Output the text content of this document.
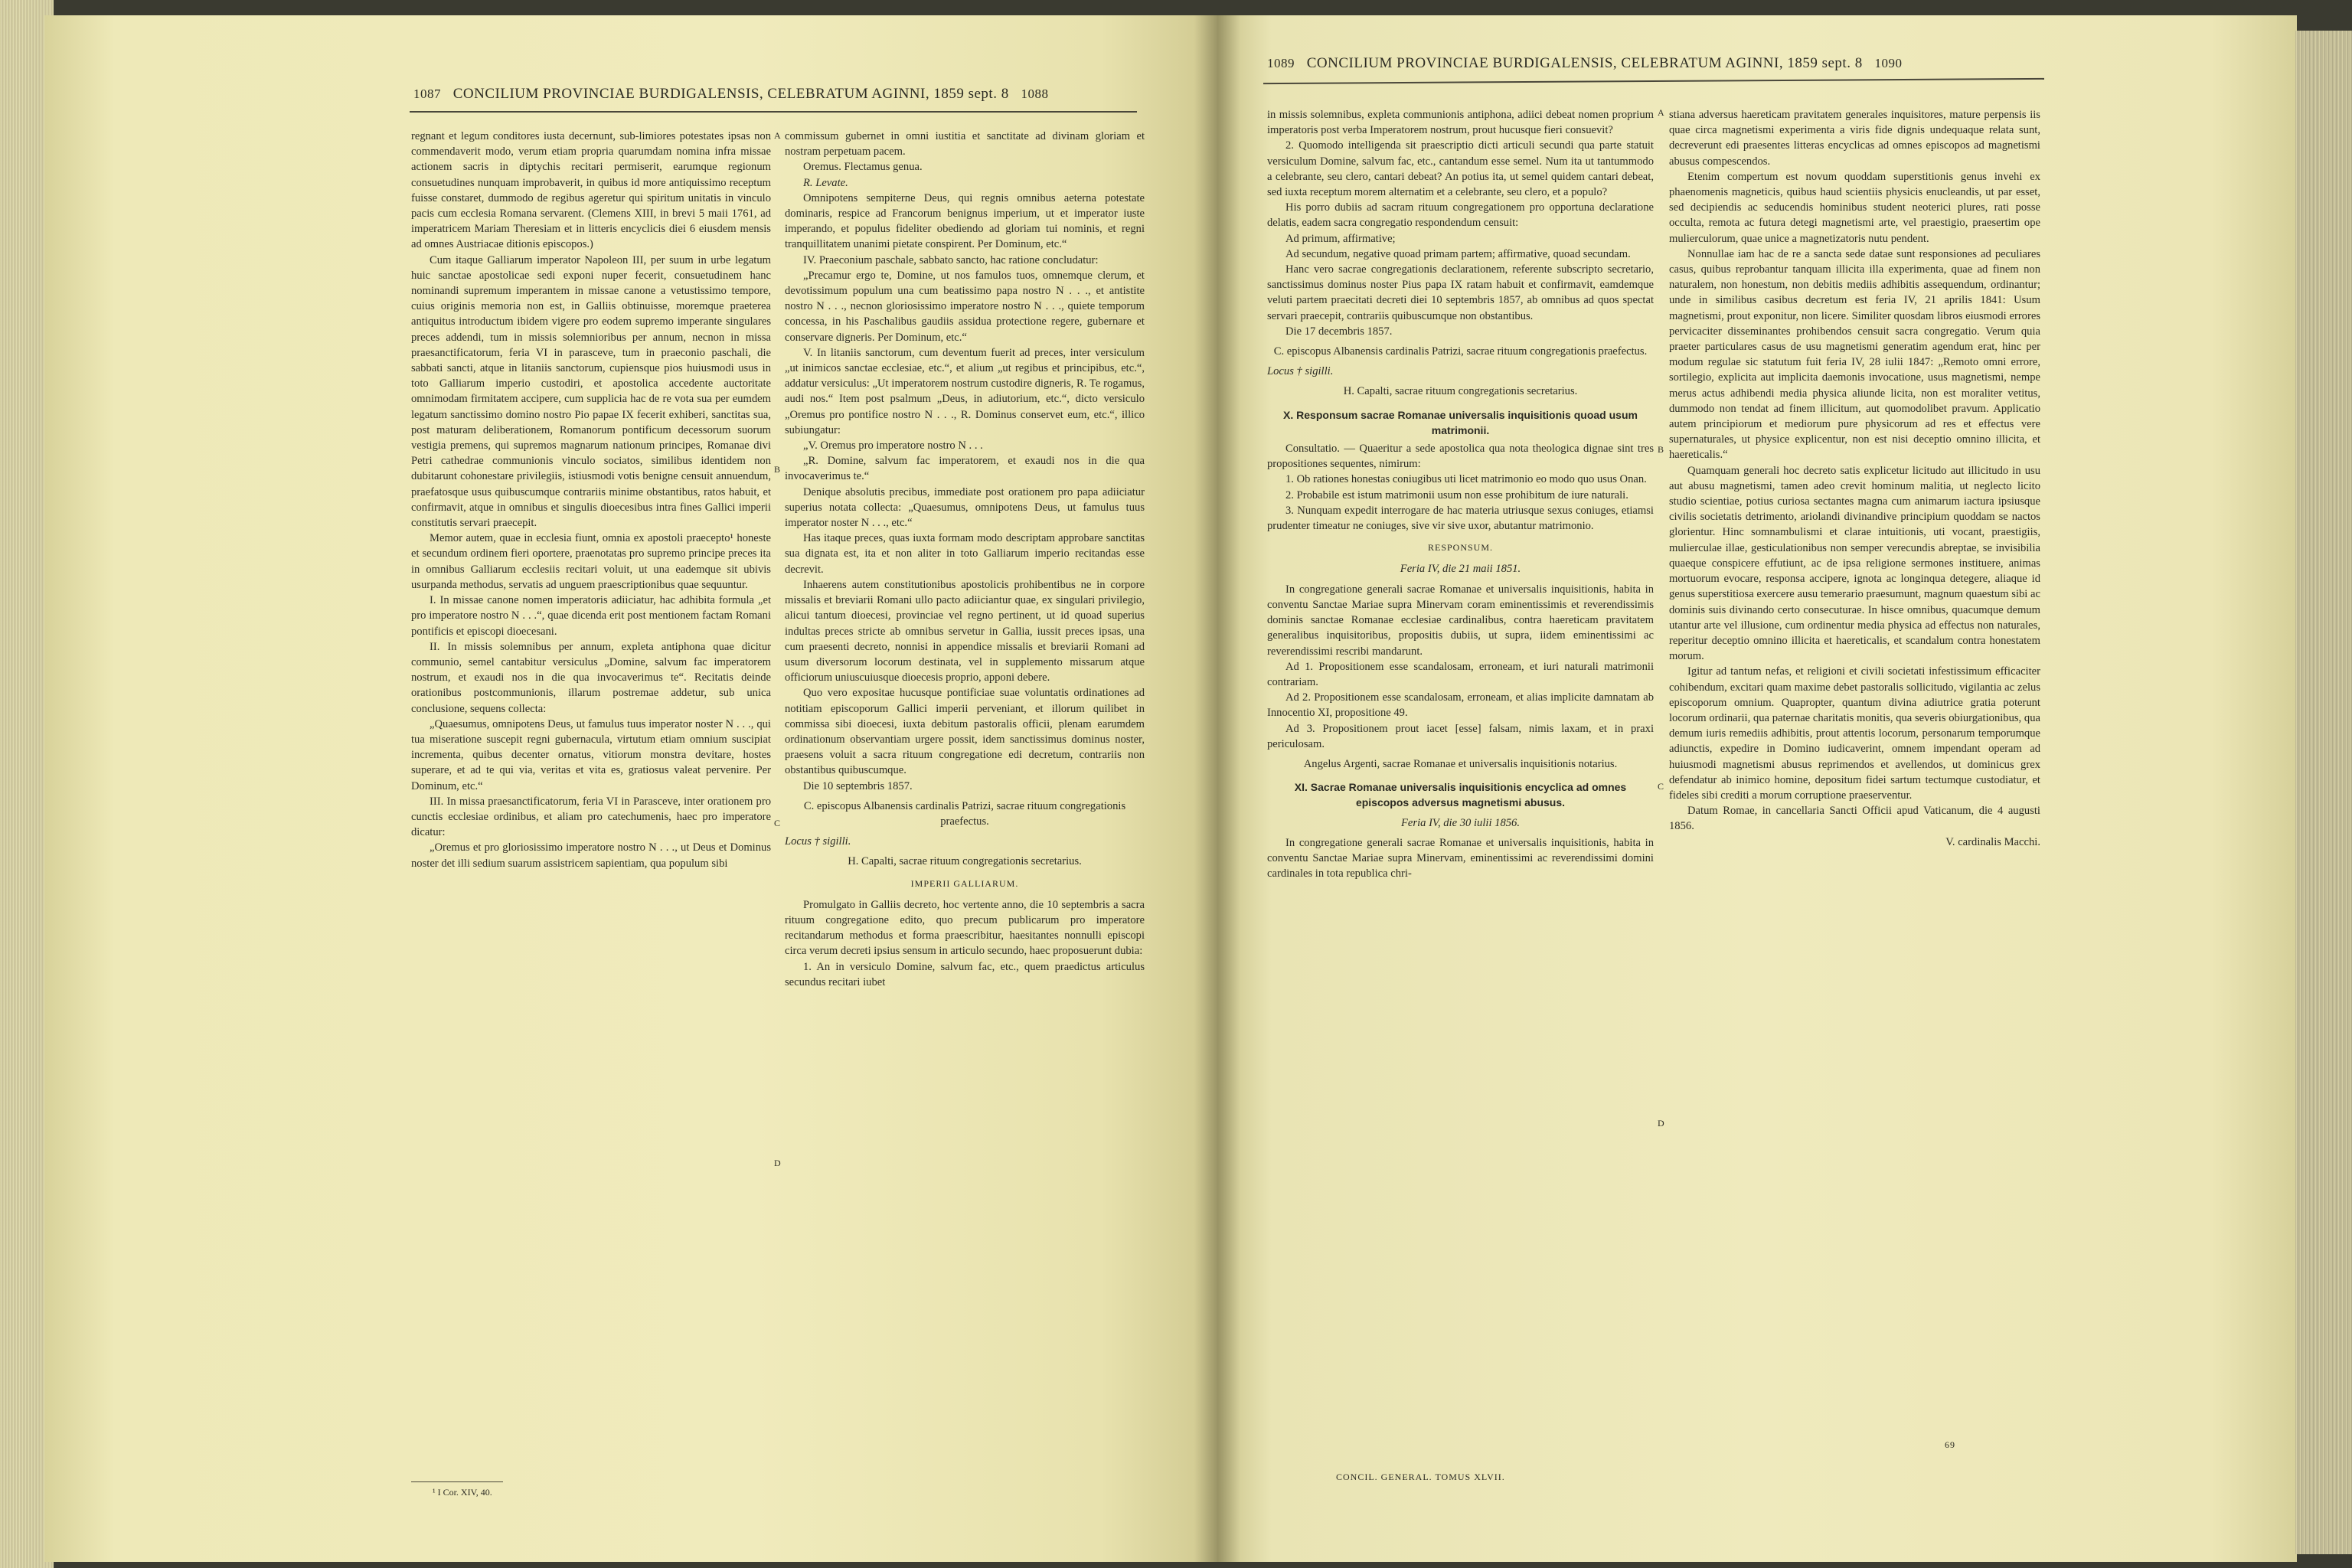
1087 CONCILIUM PROVINCIAE BURDIGALENSIS, CELEBRATUM AGINNI, 1859 sept. 8 1088

regnant et legum conditores iusta decernunt, sub-limiores potestates ipsas non commendaverit modo, verum etiam propria quarumdam nomina infra missae actionem sacris in diptychis recitari permiserit, earumque regionum consuetudines nunquam improbaverit, in quibus id more antiquissimo receptum fuisse constaret, dummodo de regibus ageretur qui spiritum unitatis in vinculo pacis cum ecclesia Romana servarent. (Clemens XIII, in brevi 5 maii 1761, ad imperatricem Mariam Theresiam et in litteris encyclicis diei 6 eiusdem mensis ad omnes Austriacae ditionis episcopos.)

Cum itaque Galliarum imperator Napoleon III, per suum in urbe legatum huic sanctae apostolicae sedi exponi nuper fecerit, consuetudinem hanc nominandi supremum imperantem in missae canone a vetustissimo tempore, cuius originis memoria non est, in Galliis obtinuisse, moremque praeterea antiquitus introductum ibidem vigere pro eodem supremo imperante singulares preces addendi, tum in missis solemnioribus per annum, necnon in missa praesanctificatorum, feria VI in parasceve, tum in praeconio paschali, die sabbati sancti, atque in litaniis sanctorum, cupiensque pios huiusmodi usus in toto Galliarum imperio custodiri, et apostolica accedente auctoritate omnimodam firmitatem accipere, cum supplicia hac de re vota sua per eumdem legatum sanctissimo domino nostro Pio papae IX fecerit exhiberi, sanctitas sua, post maturam deliberationem, Romanorum pontificum decessorum suorum vestigia premens, qui supremos magnarum nationum principes, Romanae divi Petri cathedrae communionis vinculo sociatos, similibus identidem non dubitarunt cohonestare privilegiis, istiusmodi votis benigne censuit annuendum, praefatosque usus quibuscumque contrariis minime obstantibus, ratos habuit, et confirmavit, atque in omnibus et singulis dioecesibus intra fines Gallici imperii constitutis servari praecepit.

Memor autem, quae in ecclesia fiunt, omnia ex apostoli praecepto¹ honeste et secundum ordinem fieri oportere, praenotatas pro supremo principe preces ita in omnibus Galliarum ecclesiis recitari voluit, ut una eademque sit ubivis usurpanda methodus, servatis ad unguem praescriptionibus quae sequuntur.

I. In missae canone nomen imperatoris adiiciatur, hac adhibita formula „et pro imperatore nostro N . . .“, quae dicenda erit post mentionem factam Romani pontificis et episcopi dioecesani.

II. In missis solemnibus per annum, expleta antiphona quae dicitur communio, semel cantabitur versiculus „Domine, salvum fac imperatorem nostrum, et exaudi nos in die qua invocaverimus te“. Recitatis deinde orationibus postcommunionis, illarum postremae addetur, sub unica conclusione, sequens collecta:

„Quaesumus, omnipotens Deus, ut famulus tuus imperator noster N . . ., qui tua miseratione suscepit regni gubernacula, virtutum etiam omnium suscipiat incrementa, quibus decenter ornatus, vitiorum monstra devitare, hostes superare, et ad te qui via, veritas et vita es, gratiosus valeat pervenire. Per Dominum, etc.“

III. In missa praesanctificatorum, feria VI in Parasceve, inter orationem pro cunctis ecclesiae ordinibus, et aliam pro catechumenis, haec pro imperatore dicatur:

„Oremus et pro gloriosissimo imperatore nostro N . . ., ut Deus et Dominus noster det illi sedium suarum assistricem sapientiam, qua populum sibi

¹ I Cor. XIV, 40.

commissum gubernet in omni iustitia et sanctitate ad divinam gloriam et nostram perpetuam pacem.

Oremus. Flectamus genua.

R. Levate.

Omnipotens sempiterne Deus, qui regnis omnibus aeterna potestate dominaris, respice ad Francorum benignus imperium, ut et imperator iuste imperando, et populus fideliter obediendo ad gloriam tui nominis, et regni tranquillitatem unanimi pietate conspirent. Per Dominum, etc.“

IV. Praeconium paschale, sabbato sancto, hac ratione concludatur:

„Precamur ergo te, Domine, ut nos famulos tuos, omnemque clerum, et devotissimum populum una cum beatissimo papa nostro N . . ., et antistite nostro N . . ., necnon gloriosissimo imperatore nostro N . . ., quiete temporum concessa, in his Paschalibus gaudiis assidua protectione regere, gubernare et conservare digneris. Per Dominum, etc.“

V. In litaniis sanctorum, cum deventum fuerit ad preces, inter versiculum „ut inimicos sanctae ecclesiae, etc.“, et alium „ut regibus et principibus, etc.“, addatur versiculus: „Ut imperatorem nostrum custodire digneris, R. Te rogamus, audi nos.“ Item post psalmum „Deus, in adiutorium, etc.“, dicto versiculo „Oremus pro pontifice nostro N . . ., R. Dominus conservet eum, etc.“, illico subiungatur:

„V. Oremus pro imperatore nostro N . . .

„R. Domine, salvum fac imperatorem, et exaudi nos in die qua invocaverimus te.“

Denique absolutis precibus, immediate post orationem pro papa adiiciatur superius notata collecta: „Quaesumus, omnipotens Deus, ut famulus tuus imperator noster N . . ., etc.“

Has itaque preces, quas iuxta formam modo descriptam approbare sanctitas sua dignata est, ita et non aliter in toto Galliarum imperio recitandas esse decrevit.

Inhaerens autem constitutionibus apostolicis prohibentibus ne in corpore missalis et breviarii Romani ullo pacto adiiciantur quae, ex singulari privilegio, alicui tantum dioecesi, provinciae vel regno pertinent, ut id quoad superius indultas preces stricte ab omnibus servetur in Gallia, iussit preces ipsas, una cum praesenti decreto, nonnisi in appendice missalis et breviarii Romani ad usum diversorum locorum destinata, vel in supplemento missarum atque officiorum uniuscuiusque dioecesis proprio, apponi debere.

Quo vero expositae hucusque pontificiae suae voluntatis ordinationes ad notitiam episcoporum Gallici imperii perveniant, et illorum quilibet in commissa sibi dioecesi, iuxta debitum pastoralis officii, plenam earumdem ordinationum observantiam urgere possit, idem sanctissimus dominus noster, praesens voluit a sacra rituum congregatione edi decretum, contrariis non obstantibus quibuscumque.

Die 10 septembris 1857.

C. episcopus Albanensis cardinalis Patrizi, sacrae rituum congregationis praefectus.

Locus † sigilli.

H. Capalti, sacrae rituum congregationis secretarius.

IMPERII GALLIARUM.

Promulgato in Galliis decreto, hoc vertente anno, die 10 septembris a sacra rituum congregatione edito, quo precum publicarum pro imperatore recitandarum methodus et forma praescribitur, haesitantes nonnulli episcopi circa verum decreti ipsius sensum in articulo secundo, haec proposuerunt dubia:

1. An in versiculo Domine, salvum fac, etc., quem praedictus articulus secundus recitari iubet

1089 CONCILIUM PROVINCIAE BURDIGALENSIS, CELEBRATUM AGINNI, 1859 sept. 8 1090

in missis solemnibus, expleta communionis antiphona, adiici debeat nomen proprium imperatoris post verba Imperatorem nostrum, prout hucusque fieri consuevit?

2. Quomodo intelligenda sit praescriptio dicti articuli secundi qua parte statuit versiculum Domine, salvum fac, etc., cantandum esse semel. Num ita ut tantummodo a celebrante, seu clero, cantari debeat? An potius ita, ut semel quidem cantari debeat, sed iuxta receptum morem alternatim et a celebrante, seu clero, et a populo?

His porro dubiis ad sacram rituum congregationem pro opportuna declaratione delatis, eadem sacra congregatio respondendum censuit:

Ad primum, affirmative;

Ad secundum, negative quoad primam partem; affirmative, quoad secundam.

Hanc vero sacrae congregationis declarationem, referente subscripto secretario, sanctissimus dominus noster Pius papa IX ratam habuit et confirmavit, eamdemque veluti partem praecitati decreti diei 10 septembris 1857, ab omnibus ad quos spectat servari praecepit, contrariis quibuscumque non obstantibus.

Die 17 decembris 1857.

C. episcopus Albanensis cardinalis Patrizi, sacrae rituum congregationis praefectus.

Locus † sigilli.

H. Capalti, sacrae rituum congregationis secretarius.

X. Responsum sacrae Romanae universalis inquisitionis quoad usum matrimonii.

Consultatio. — Quaeritur a sede apostolica qua nota theologica dignae sint tres propositiones sequentes, nimirum:

1. Ob rationes honestas coniugibus uti licet matrimonio eo modo quo usus Onan.

2. Probabile est istum matrimonii usum non esse prohibitum de iure naturali.

3. Nunquam expedit interrogare de hac materia utriusque sexus coniuges, etiamsi prudenter timeatur ne coniuges, sive vir sive uxor, abutantur matrimonio.

RESPONSUM.

Feria IV, die 21 maii 1851.

In congregatione generali sacrae Romanae et universalis inquisitionis, habita in conventu Sanctae Mariae supra Minervam coram eminentissimis et reverendissimis dominis sanctae Romanae ecclesiae cardinalibus, contra haereticam pravitatem generalibus inquisitoribus, propositis dubiis, ut supra, iidem eminentissimi ac reverendissimi rescribi mandarunt.

Ad 1. Propositionem esse scandalosam, erroneam, et iuri naturali matrimonii contrariam.

Ad 2. Propositionem esse scandalosam, erroneam, et alias implicite damnatam ab Innocentio XI, propositione 49.

Ad 3. Propositionem prout iacet [esse] falsam, nimis laxam, et in praxi periculosam.

Angelus Argenti, sacrae Romanae et universalis inquisitionis notarius.

XI. Sacrae Romanae universalis inquisitionis encyclica ad omnes episcopos adversus magnetismi abusus.

Feria IV, die 30 iulii 1856.

In congregatione generali sacrae Romanae et universalis inquisitionis, habita in conventu Sanctae Mariae supra Minervam, eminentissimi ac reverendissimi domini cardinales in tota republica chri-

CONCIL. GENERAL. TOMUS XLVII.

stiana adversus haereticam pravitatem generales inquisitores, mature perpensis iis quae circa magnetismi experimenta a viris fide dignis undequaque relata sunt, decreverunt edi praesentes litteras encyclicas ad omnes episcopos ad magnetismi abusus compescendos.

Etenim compertum est novum quoddam superstitionis genus invehi ex phaenomenis magneticis, quibus haud scientiis physicis enucleandis, ut par esset, sed decipiendis ac seducendis hominibus student neoterici plures, rati posse occulta, remota ac futura detegi magnetismi arte, vel praestigio, praesertim ope mulierculorum, quae unice a magnetizatoris nutu pendent.

Nonnullae iam hac de re a sancta sede datae sunt responsiones ad peculiares casus, quibus reprobantur tanquam illicita illa experimenta, quae ad finem non naturalem, non honestum, non debitis mediis adhibitis assequendum, ordinantur; unde in similibus casibus decretum est feria IV, 21 aprilis 1841: Usum magnetismi, prout exponitur, non licere. Similiter quosdam libros eiusmodi errores pervicaciter disseminantes prohibendos censuit sacra congregatio. Verum quia praeter particulares casus de usu magnetismi generatim agendum erat, hinc per modum regulae sic statutum fuit feria IV, 28 iulii 1847: „Remoto omni errore, sortilegio, explicita aut implicita daemonis invocatione, usus magnetismi, nempe merus actus adhibendi media physica aliunde licita, non est moraliter vetitus, dummodo non tendat ad finem illicitum, aut quomodolibet pravum. Applicatio autem principiorum et mediorum pure physicorum ad res et effectus vere supernaturales, ut physice explicentur, non est nisi deceptio omnino illicita, et haereticalis.“

Quamquam generali hoc decreto satis explicetur licitudo aut illicitudo in usu aut abusu magnetismi, tamen adeo crevit hominum malitia, ut neglecto licito studio scientiae, potius curiosa sectantes magna cum animarum iactura ipsiusque civilis societatis detrimento, ariolandi divinandive principium quoddam se nactos glorientur. Hinc somnambulismi et clarae intuitionis, uti vocant, praestigiis, mulierculae illae, gesticulationibus non semper verecundis abreptae, se invisibilia quaeque conspicere effutiunt, ac de ipsa religione sermones instituere, animas mortuorum evocare, responsa accipere, ignota ac longinqua detegere, aliaque id genus superstitiosa exercere ausu temerario praesumunt, magnum quaestum sibi ac dominis suis divinando certo consecuturae. In hisce omnibus, quacumque demum utantur arte vel illusione, cum ordinentur media physica ad effectus non naturales, reperitur deceptio omnino illicita et haereticalis, et scandalum contra honestatem morum.

Igitur ad tantum nefas, et religioni et civili societati infestissimum efficaciter cohibendum, excitari quam maxime debet pastoralis sollicitudo, vigilantia ac zelus episcoporum omnium. Quapropter, quantum divina adiutrice gratia poterunt locorum ordinarii, qua paternae charitatis monitis, qua severis obiurgationibus, qua demum iuris remediis adhibitis, prout attentis locorum, personarum temporumque adiunctis, expedire in Domino iudicaverint, omnem impendant operam ad huiusmodi magnetismi abusus reprimendos et avellendos, ut dominicus grex defendatur ab inimico homine, depositum fidei sartum tectumque custodiatur, et fideles sibi crediti a morum corruptione praeserventur.

Datum Romae, in cancellaria Sancti Officii apud Vaticanum, die 4 augusti 1856.

V. cardinalis Macchi.

69
A
B
C
D
A
B
C
D
